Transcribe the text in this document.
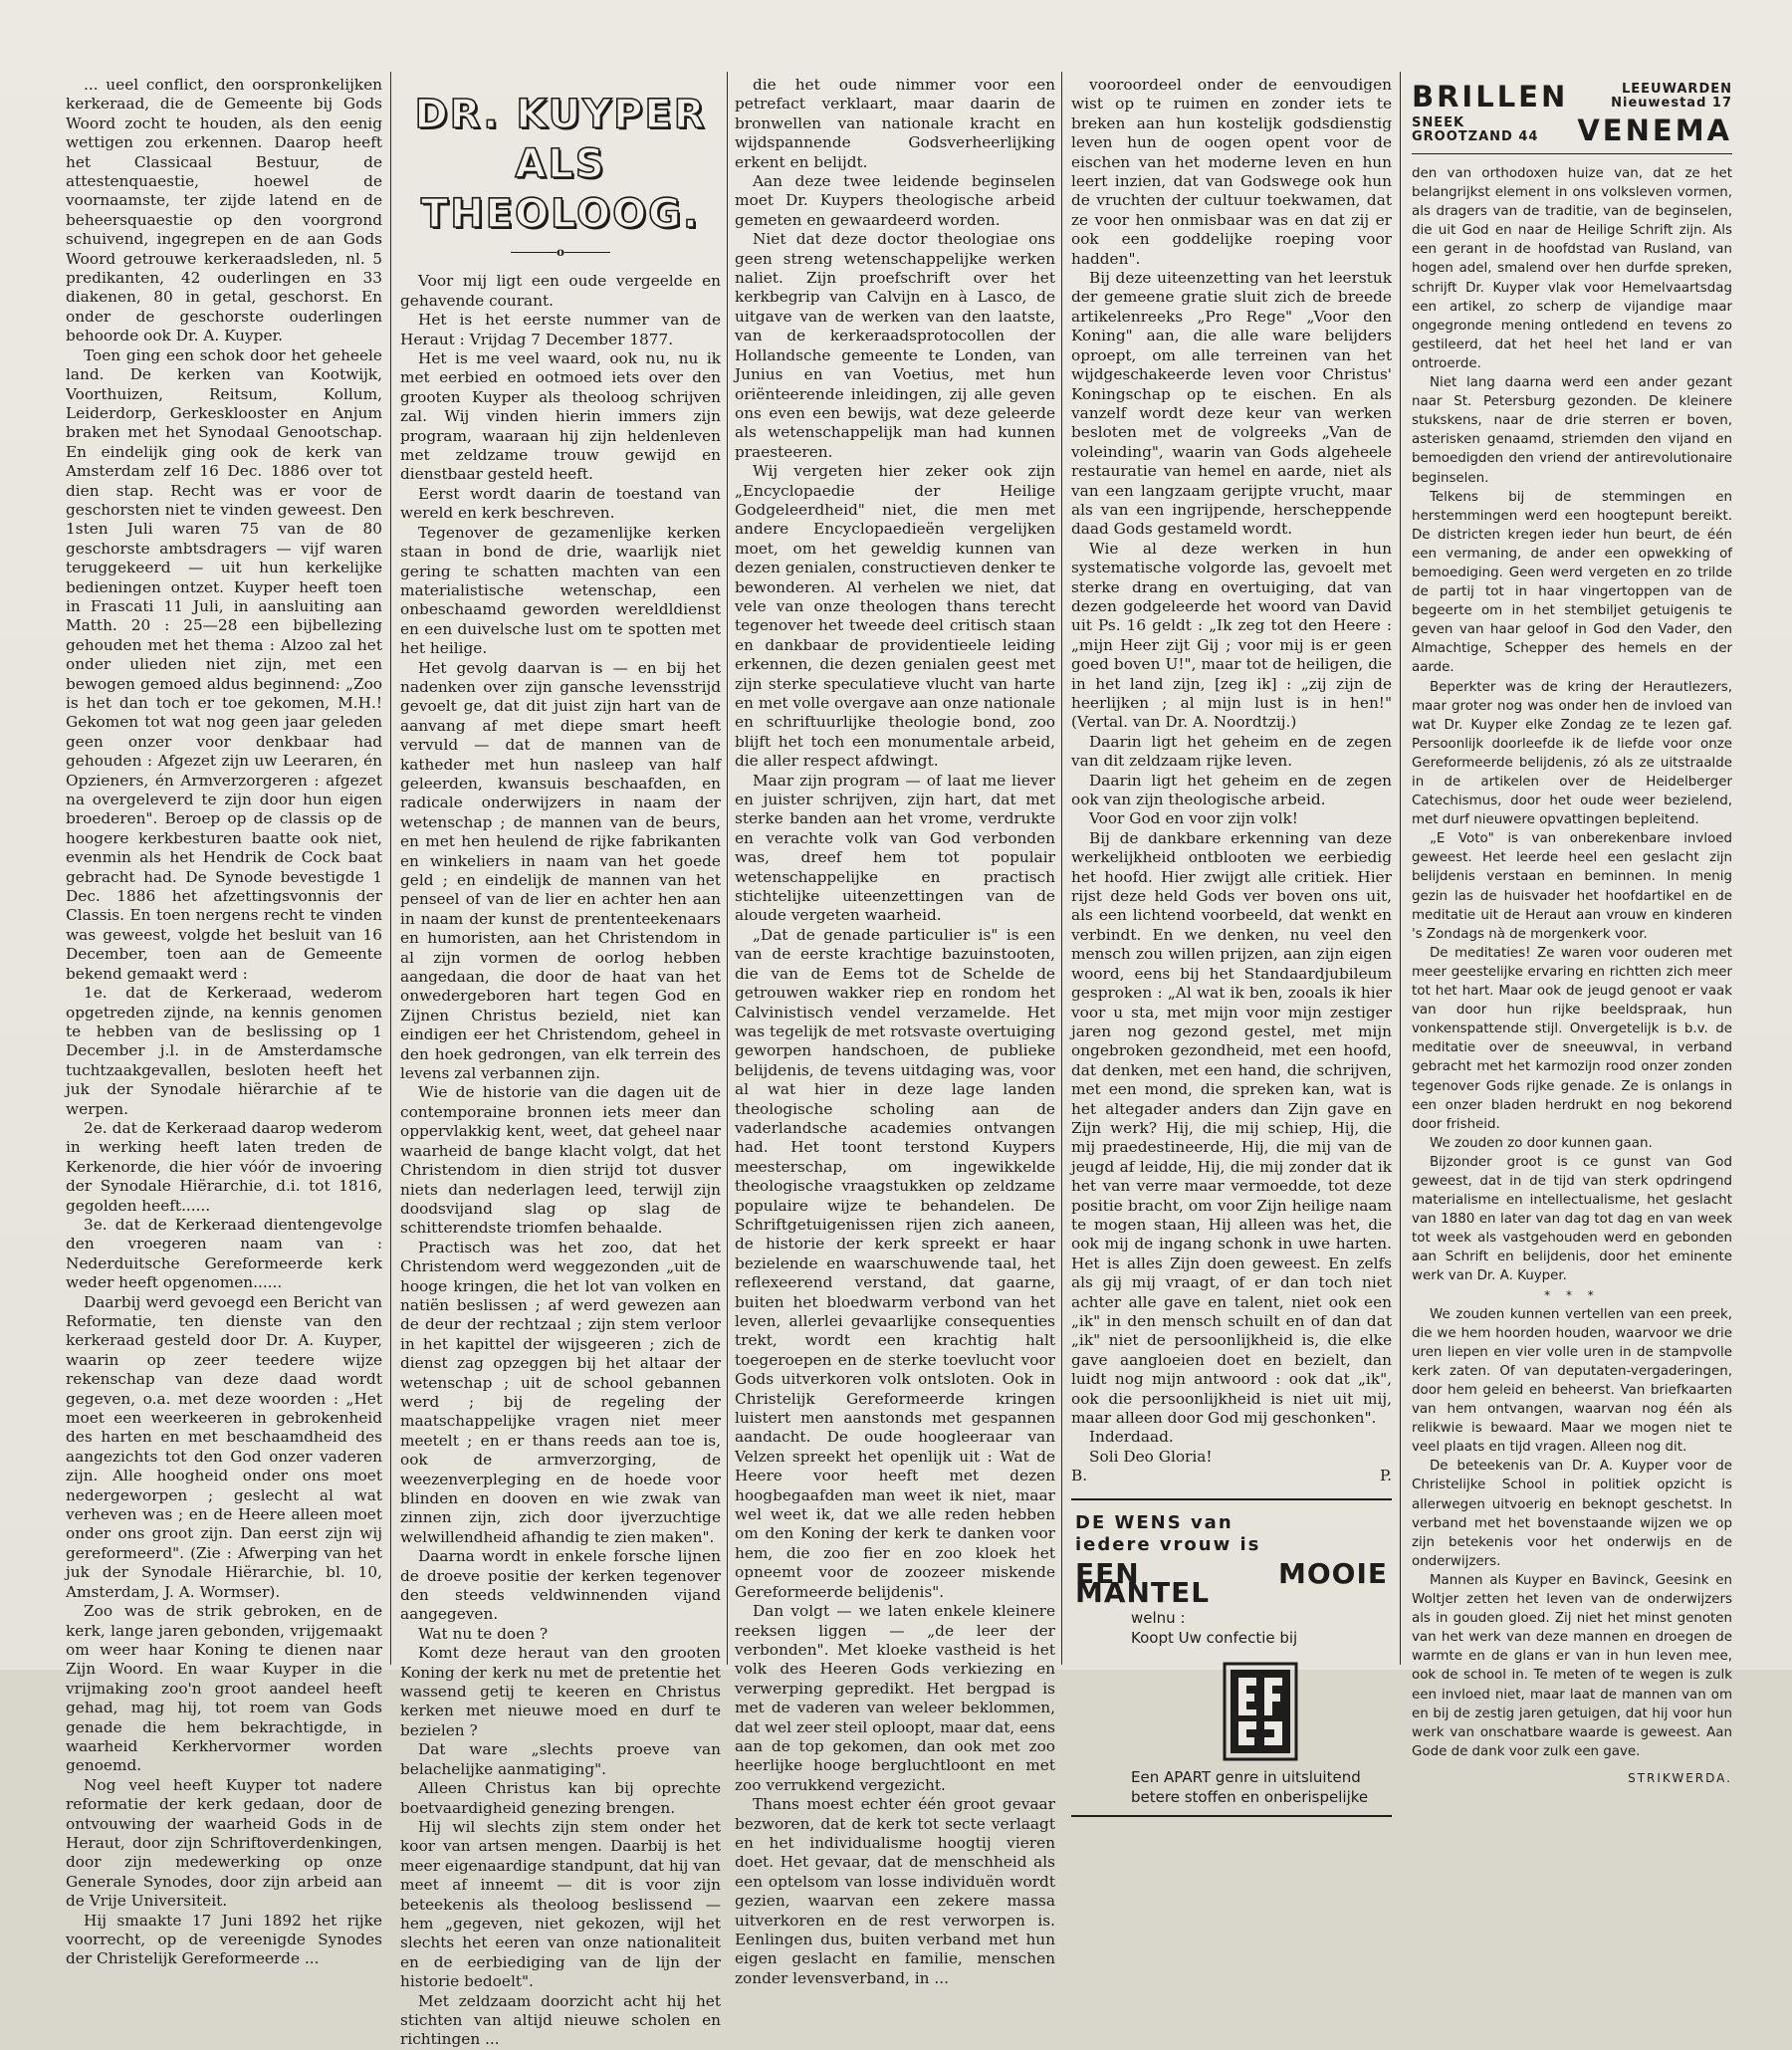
... ueel conflict, den oorspronkelijken kerkeraad, die de Gemeente bij Gods Woord zocht te houden, als den eenig wettigen zou erkennen. Daarop heeft het Classicaal Bestuur, de attestenquaestie, hoewel de voornaamste, ter zijde latend en de beheersquaestie op den voorgrond schuivend, ingegrepen en de aan Gods Woord getrouwe kerkeraadsleden, nl. 5 predikanten, 42 ouderlingen en 33 diakenen, 80 in getal, geschorst. En onder de geschorste ouderlingen behoorde ook Dr. A. Kuyper.

Toen ging een schok door het geheele land. De kerken van Kootwijk, Voorthuizen, Reitsum, Kollum, Leiderdorp, Gerkesklooster en Anjum braken met het Synodaal Genootschap. En eindelijk ging ook de kerk van Amsterdam zelf 16 Dec. 1886 over tot dien stap. Recht was er voor de geschorsten niet te vinden geweest. Den 1sten Juli waren 75 van de 80 geschorste ambtsdragers — vijf waren teruggekeerd — uit hun kerkelijke bedieningen ontzet. Kuyper heeft toen in Frascati 11 Juli, in aansluiting aan Matth. 20 : 25—28 een bijbellezing gehouden met het thema : Alzoo zal het onder ulieden niet zijn, met een bewogen gemoed aldus beginnend: „Zoo is het dan toch er toe gekomen, M.H.! Gekomen tot wat nog geen jaar geleden geen onzer voor denkbaar had gehouden : Afgezet zijn uw Leeraren, én Opzieners, én Armverzorgeren : afgezet na overgeleverd te zijn door hun eigen broederen". Beroep op de classis op de hoogere kerkbesturen baatte ook niet, evenmin als het Hendrik de Cock baat gebracht had. De Synode bevestigde 1 Dec. 1886 het afzettingsvonnis der Classis. En toen nergens recht te vinden was geweest, volgde het besluit van 16 December, toen aan de Gemeente bekend gemaakt werd :

1e. dat de Kerkeraad, wederom opgetreden zijnde, na kennis genomen te hebben van de beslissing op 1 December j.l. in de Amsterdamsche tuchtzaakgevallen, besloten heeft het juk der Synodale hiërarchie af te werpen.

2e. dat de Kerkeraad daarop wederom in werking heeft laten treden de Kerkenorde, die hier vóór de invoering der Synodale Hiërarchie, d.i. tot 1816, gegolden heeft......

3e. dat de Kerkeraad dientengevolge den vroegeren naam van : Nederduitsche Gereformeerde kerk weder heeft opgenomen......

Daarbij werd gevoegd een Bericht van Reformatie, ten dienste van den kerkeraad gesteld door Dr. A. Kuyper, waarin op zeer teedere wijze rekenschap van deze daad wordt gegeven, o.a. met deze woorden : „Het moet een weerkeeren in gebrokenheid des harten en met beschaamdheid des aangezichts tot den God onzer vaderen zijn. Alle hoogheid onder ons moet nedergeworpen ; geslecht al wat verheven was ; en de Heere alleen moet onder ons groot zijn. Dan eerst zijn wij gereformeerd". (Zie : Afwerping van het juk der Synodale Hiërarchie, bl. 10, Amsterdam, J. A. Wormser).

Zoo was de strik gebroken, en de kerk, lange jaren gebonden, vrijgemaakt om weer haar Koning te dienen naar Zijn Woord. En waar Kuyper in die vrijmaking zoo'n groot aandeel heeft gehad, mag hij, tot roem van Gods genade die hem bekrachtigde, in waarheid Kerkhervormer worden genoemd.

Nog veel heeft Kuyper tot nadere reformatie der kerk gedaan, door de ontvouwing der waarheid Gods in de Heraut, door zijn Schriftoverdenkingen, door zijn medewerking op onze Generale Synodes, door zijn arbeid aan de Vrije Universiteit.

Hij smaakte 17 Juni 1892 het rijke voorrecht, op de vereenigde Synodes der Christelijk Gereformeerde ...

DR. KUYPER
ALS THEOLOOG.
o

Voor mij ligt een oude vergeelde en gehavende courant.

Het is het eerste nummer van de Heraut : Vrijdag 7 December 1877.

Het is me veel waard, ook nu, nu ik met eerbied en ootmoed iets over den grooten Kuyper als theoloog schrijven zal. Wij vinden hierin immers zijn program, waaraan hij zijn heldenleven met zeldzame trouw gewijd en dienstbaar gesteld heeft.

Eerst wordt daarin de toestand van wereld en kerk beschreven.

Tegenover de gezamenlijke kerken staan in bond de drie, waarlijk niet gering te schatten machten van een materialistische wetenschap, een onbeschaamd geworden wereldldienst en een duivelsche lust om te spotten met het heilige.

Het gevolg daarvan is — en bij het nadenken over zijn gansche levensstrijd gevoelt ge, dat dit juist zijn hart van de aanvang af met diepe smart heeft vervuld — dat de mannen van de katheder met hun nasleep van half geleerden, kwansuis beschaafden, en radicale onderwijzers in naam der wetenschap ; de mannen van de beurs, en met hen heulend de rijke fabrikanten en winkeliers in naam van het goede geld ; en eindelijk de mannen van het penseel of van de lier en achter hen aan in naam der kunst de prententeekenaars en humoristen, aan het Christendom in al zijn vormen de oorlog hebben aangedaan, die door de haat van het onwedergeboren hart tegen God en Zijnen Christus bezield, niet kan eindigen eer het Christendom, geheel in den hoek gedrongen, van elk terrein des levens zal verbannen zijn.

Wie de historie van die dagen uit de contemporaine bronnen iets meer dan oppervlakkig kent, weet, dat geheel naar waarheid de bange klacht volgt, dat het Christendom in dien strijd tot dusver niets dan nederlagen leed, terwijl zijn doodsvijand slag op slag de schitterendste triomfen behaalde.

Practisch was het zoo, dat het Christendom werd weggezonden „uit de hooge kringen, die het lot van volken en natiën beslissen ; af werd gewezen aan de deur der rechtzaal ; zijn stem verloor in het kapittel der wijsgeeren ; zich de dienst zag opzeggen bij het altaar der wetenschap ; uit de school gebannen werd ; bij de regeling der maatschappelijke vragen niet meer meetelt ; en er thans reeds aan toe is, ook de armverzorging, de weezenverpleging en de hoede voor blinden en dooven en wie zwak van zinnen zijn, zich door ijverzuchtige welwillendheid afhandig te zien maken".

Daarna wordt in enkele forsche lijnen de droeve positie der kerken tegenover den steeds veldwinnenden vijand aangegeven.

Wat nu te doen ?

Komt deze heraut van den grooten Koning der kerk nu met de pretentie het wassend getij te keeren en Christus kerken met nieuwe moed en durf te bezielen ?

Dat ware „slechts proeve van belachelijke aanmatiging".

Alleen Christus kan bij oprechte boetvaardigheid genezing brengen.

Hij wil slechts zijn stem onder het koor van artsen mengen. Daarbij is het meer eigenaardige standpunt, dat hij van meet af inneemt — dit is voor zijn beteekenis als theoloog beslissend — hem „gegeven, niet gekozen, wijl het slechts het eeren van onze nationaliteit en de eerbiediging van de lijn der historie bedoelt".

Met zeldzaam doorzicht acht hij het stichten van altijd nieuwe scholen en richtingen ...

die het oude nimmer voor een petrefact verklaart, maar daarin de bronwellen van nationale kracht en wijdspannende Godsverheerlijking erkent en belijdt.

Aan deze twee leidende beginselen moet Dr. Kuypers theologische arbeid gemeten en gewaardeerd worden.

Niet dat deze doctor theologiae ons geen streng wetenschappelijke werken naliet. Zijn proefschrift over het kerkbegrip van Calvijn en à Lasco, de uitgave van de werken van den laatste, van de kerkeraadsprotocollen der Hollandsche gemeente te Londen, van Junius en van Voetius, met hun oriënteerende inleidingen, zij alle geven ons even een bewijs, wat deze geleerde als wetenschappelijk man had kunnen praesteeren.

Wij vergeten hier zeker ook zijn „Encyclopaedie der Heilige Godgeleerdheid" niet, die men met andere Encyclopaedieën vergelijken moet, om het geweldig kunnen van dezen genialen, constructieven denker te bewonderen. Al verhelen we niet, dat vele van onze theologen thans terecht tegenover het tweede deel critisch staan en dankbaar de providentieele leiding erkennen, die dezen genialen geest met zijn sterke speculatieve vlucht van harte en met volle overgave aan onze nationale en schriftuurlijke theologie bond, zoo blijft het toch een monumentale arbeid, die aller respect afdwingt.

Maar zijn program — of laat me liever en juister schrijven, zijn hart, dat met sterke banden aan het vrome, verdrukte en verachte volk van God verbonden was, dreef hem tot populair wetenschappelijke en practisch stichtelijke uiteenzettingen van de aloude vergeten waarheid.

„Dat de genade particulier is" is een van de eerste krachtige bazuinstooten, die van de Eems tot de Schelde de getrouwen wakker riep en rondom het Calvinistisch vendel verzamelde. Het was tegelijk de met rotsvaste overtuiging geworpen handschoen, de publieke belijdenis, de tevens uitdaging was, voor al wat hier in deze lage landen theologische scholing aan de vaderlandsche academies ontvangen had. Het toont terstond Kuypers meesterschap, om ingewikkelde theologische vraagstukken op zeldzame populaire wijze te behandelen. De Schriftgetuigenissen rijen zich aaneen, de historie der kerk spreekt er haar bezielende en waarschuwende taal, het reflexeerend verstand, dat gaarne, buiten het bloedwarm verbond van het leven, allerlei gevaarlijke consequenties trekt, wordt een krachtig halt toegeroepen en de sterke toevlucht voor Gods uitverkoren volk ontsloten. Ook in Christelijk Gereformeerde kringen luistert men aanstonds met gespannen aandacht. De oude hoogleeraar van Velzen spreekt het openlijk uit : Wat de Heere voor heeft met dezen hoogbegaafden man weet ik niet, maar wel weet ik, dat we alle reden hebben om den Koning der kerk te danken voor hem, die zoo fier en zoo kloek het opneemt voor de zoozeer miskende Gereformeerde belijdenis".

Dan volgt — we laten enkele kleinere reeksen liggen — „de leer der verbonden". Met kloeke vastheid is het volk des Heeren Gods verkiezing en verwerping gepredikt. Het bergpad is met de vaderen van weleer beklommen, dat wel zeer steil oploopt, maar dat, eens aan de top gekomen, dan ook met zoo heerlijke hooge bergluchtloont en met zoo verrukkend vergezicht.

Thans moest echter één groot gevaar bezworen, dat de kerk tot secte verlaagt en het individualisme hoogtij vieren doet. Het gevaar, dat de menschheid als een optelsom van losse individuën wordt gezien, waarvan een zekere massa uitverkoren en de rest verworpen is. Eenlingen dus, buiten verband met hun eigen geslacht en familie, menschen zonder levensverband, in ...

vooroordeel onder de eenvoudigen wist op te ruimen en zonder iets te breken aan hun kostelijk godsdienstig leven hun de oogen opent voor de eischen van het moderne leven en hun leert inzien, dat van Godswege ook hun de vruchten der cultuur toekwamen, dat ze voor hen onmisbaar was en dat zij er ook een goddelijke roeping voor hadden".

Bij deze uiteenzetting van het leerstuk der gemeene gratie sluit zich de breede artikelenreeks „Pro Rege" „Voor den Koning" aan, die alle ware belijders oproept, om alle terreinen van het wijdgeschakeerde leven voor Christus' Koningschap op te eischen. En als vanzelf wordt deze keur van werken besloten met de volgreeks „Van de voleinding", waarin van Gods algeheele restauratie van hemel en aarde, niet als van een langzaam gerijpte vrucht, maar als van een ingrijpende, herscheppende daad Gods gestameld wordt.

Wie al deze werken in hun systematische volgorde las, gevoelt met sterke drang en overtuiging, dat van dezen godgeleerde het woord van David uit Ps. 16 geldt : „Ik zeg tot den Heere : „mijn Heer zijt Gij ; voor mij is er geen goed boven U!", maar tot de heiligen, die in het land zijn, [zeg ik] : „zij zijn de heerlijken ; al mijn lust is in hen!" (Vertal. van Dr. A. Noordtzij.)

Daarin ligt het geheim en de zegen van dit zeldzaam rijke leven.

Daarin ligt het geheim en de zegen ook van zijn theologische arbeid.

Voor God en voor zijn volk!

Bij de dankbare erkenning van deze werkelijkheid ontblooten we eerbiedig het hoofd. Hier zwijgt alle critiek. Hier rijst deze held Gods ver boven ons uit, als een lichtend voorbeeld, dat wenkt en verbindt. En we denken, nu veel den mensch zou willen prijzen, aan zijn eigen woord, eens bij het Standaardjubileum gesproken : „Al wat ik ben, zooals ik hier voor u sta, met mijn voor mijn zestiger jaren nog gezond gestel, met mijn ongebroken gezondheid, met een hoofd, dat denken, met een hand, die schrijven, met een mond, die spreken kan, wat is het altegader anders dan Zijn gave en Zijn werk? Hij, die mij schiep, Hij, die mij praedestineerde, Hij, die mij van de jeugd af leidde, Hij, die mij zonder dat ik het van verre maar vermoedde, tot deze positie bracht, om voor Zijn heilige naam te mogen staan, Hij alleen was het, die ook mij de ingang schonk in uwe harten. Het is alles Zijn doen geweest. En zelfs als gij mij vraagt, of er dan toch niet achter alle gave en talent, niet ook een „ik" in den mensch schuilt en of dan dat „ik" niet de persoonlijkheid is, die elke gave aangloeien doet en bezielt, dan luidt nog mijn antwoord : ook dat „ik", ook die persoonlijkheid is niet uit mij, maar alleen door God mij geschonken".

Inderdaad.

Soli Deo Gloria!

B.	P.
DE WENS van
iedere vrouw is
EEN MOOIE MANTEL
welnu :
Koopt Uw confectie bij
Een APART genre in uitsluitend
betere stoffen en onberispelijke
BRILLEN	LEEUWARDEN
Nieuwestad 17
SNEEK
GROOTZAND 44 VENEMA

den van orthodoxen huize van, dat ze het belangrijkst element in ons volksleven vormen, als dragers van de traditie, van de beginselen, die uit God en naar de Heilige Schrift zijn. Als een gerant in de hoofdstad van Rusland, van hogen adel, smalend over hen durfde spreken, schrijft Dr. Kuyper vlak voor Hemelvaartsdag een artikel, zo scherp de vijandige maar ongegronde mening ontledend en tevens zo gestileerd, dat het heel het land er van ontroerde.

Niet lang daarna werd een ander gezant naar St. Petersburg gezonden. De kleinere stukskens, naar de drie sterren er boven, asterisken genaamd, striemden den vijand en bemoedigden den vriend der antirevolutionaire beginselen.

Telkens bij de stemmingen en herstemmingen werd een hoogtepunt bereikt. De districten kregen ieder hun beurt, de één een vermaning, de ander een opwekking of bemoediging. Geen werd vergeten en zo trilde de partij tot in haar vingertoppen van de begeerte om in het stembiljet getuigenis te geven van haar geloof in God den Vader, den Almachtige, Schepper des hemels en der aarde.

Beperkter was de kring der Herautlezers, maar groter nog was onder hen de invloed van wat Dr. Kuyper elke Zondag ze te lezen gaf. Persoonlijk doorleefde ik de liefde voor onze Gereformeerde belijdenis, zó als ze uitstraalde in de artikelen over de Heidelberger Catechismus, door het oude weer bezielend, met durf nieuwere opvattingen bepleitend.

„E Voto" is van onberekenbare invloed geweest. Het leerde heel een geslacht zijn belijdenis verstaan en beminnen. In menig gezin las de huisvader het hoofdartikel en de meditatie uit de Heraut aan vrouw en kinderen 's Zondags nà de morgenkerk voor.

De meditaties! Ze waren voor ouderen met meer geestelijke ervaring en richtten zich meer tot het hart. Maar ook de jeugd genoot er vaak van door hun rijke beeldspraak, hun vonkenspattende stijl. Onvergetelijk is b.v. de meditatie over de sneeuwval, in verband gebracht met het karmozijn rood onzer zonden tegenover Gods rijke genade. Ze is onlangs in een onzer bladen herdrukt en nog bekorend door frisheid.

We zouden zo door kunnen gaan.

Bijzonder groot is ce gunst van God geweest, dat in de tijd van sterk opdringend materialisme en intellectualisme, het geslacht van 1880 en later van dag tot dag en van week tot week als vastgehouden werd en gebonden aan Schrift en belijdenis, door het eminente werk van Dr. A. Kuyper.

* * *

We zouden kunnen vertellen van een preek, die we hem hoorden houden, waarvoor we drie uren liepen en vier volle uren in de stampvolle kerk zaten. Of van deputaten-vergaderingen, door hem geleid en beheerst. Van briefkaarten van hem ontvangen, waarvan nog één als relikwie is bewaard. Maar we mogen niet te veel plaats en tijd vragen. Alleen nog dit.

De beteekenis van Dr. A. Kuyper voor de Christelijke School in politiek opzicht is allerwegen uitvoerig en beknopt geschetst. In verband met het bovenstaande wijzen we op zijn betekenis voor het onderwijs en de onderwijzers.

Mannen als Kuyper en Bavinck, Geesink en Woltjer zetten het leven van de onderwijzers als in gouden gloed. Zij niet het minst genoten van het werk van deze mannen en droegen de warmte en de glans er van in hun leven mee, ook de school in. Te meten of te wegen is zulk een invloed niet, maar laat de mannen van om en bij de zestig jaren getuigen, dat hij voor hun werk van onschatbare waarde is geweest. Aan Gode de dank voor zulk een gave.

STRIKWERDA.
